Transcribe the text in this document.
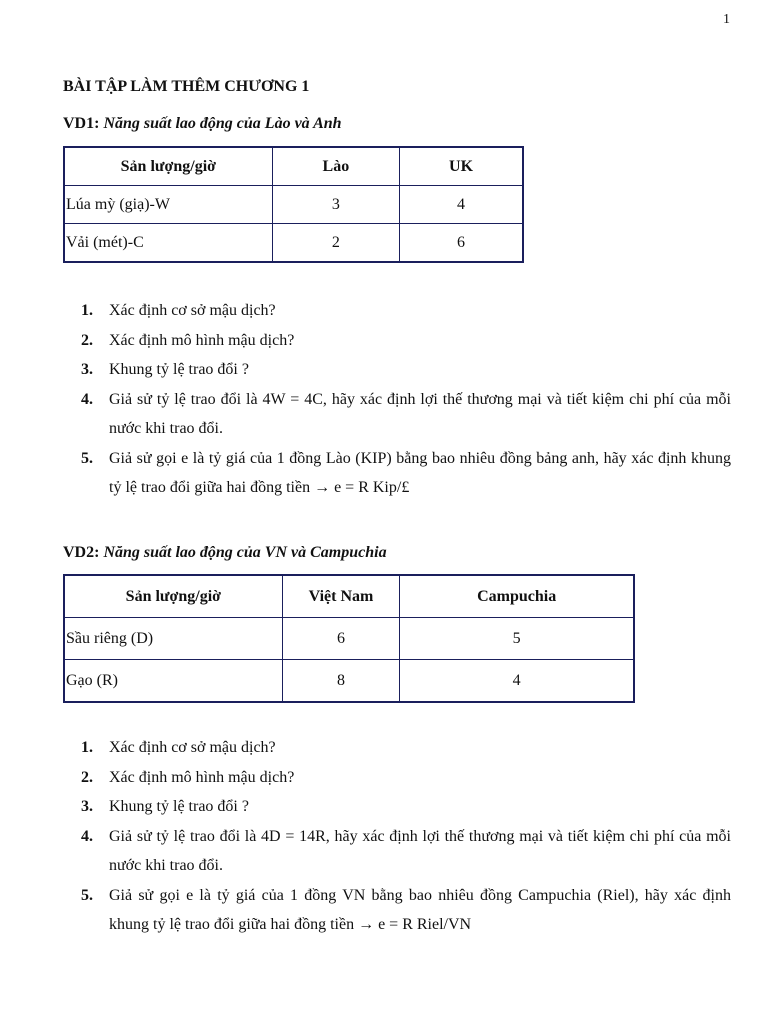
1
BÀI TẬP LÀM THÊM CHƯƠNG 1

VD1: Năng suất lao động của Lào và Anh

Sản lượng/giờ	Lào	UK
Lúa mỳ (giạ)-W	3	4
Vải (mét)-C	2	6
1. Xác định cơ sở mậu dịch?
2. Xác định mô hình mậu dịch?
3. Khung tỷ lệ trao đổi ?
4. Giả sử tỷ lệ trao đổi là 4W = 4C, hãy xác định lợi thế thương mại và tiết kiệm chi phí của mỗi nước khi trao đổi.
5. Giả sử gọi e là tỷ giá của 1 đồng Lào (KIP) bằng bao nhiêu đồng bảng anh, hãy xác định khung tỷ lệ trao đổi giữa hai đồng tiền → e = R Kip/£

VD2: Năng suất lao động của VN và Campuchia

Sản lượng/giờ	Việt Nam	Campuchia
Sầu riêng (D)	6	5
Gạo (R)	8	4
1. Xác định cơ sở mậu dịch?
2. Xác định mô hình mậu dịch?
3. Khung tỷ lệ trao đổi ?
4. Giả sử tỷ lệ trao đổi là 4D = 14R, hãy xác định lợi thế thương mại và tiết kiệm chi phí của mỗi nước khi trao đổi.
5. Giả sử gọi e là tỷ giá của 1 đồng VN bằng bao nhiêu đồng Campuchia (Riel), hãy xác định khung tỷ lệ trao đổi giữa hai đồng tiền → e = R Riel/VN
